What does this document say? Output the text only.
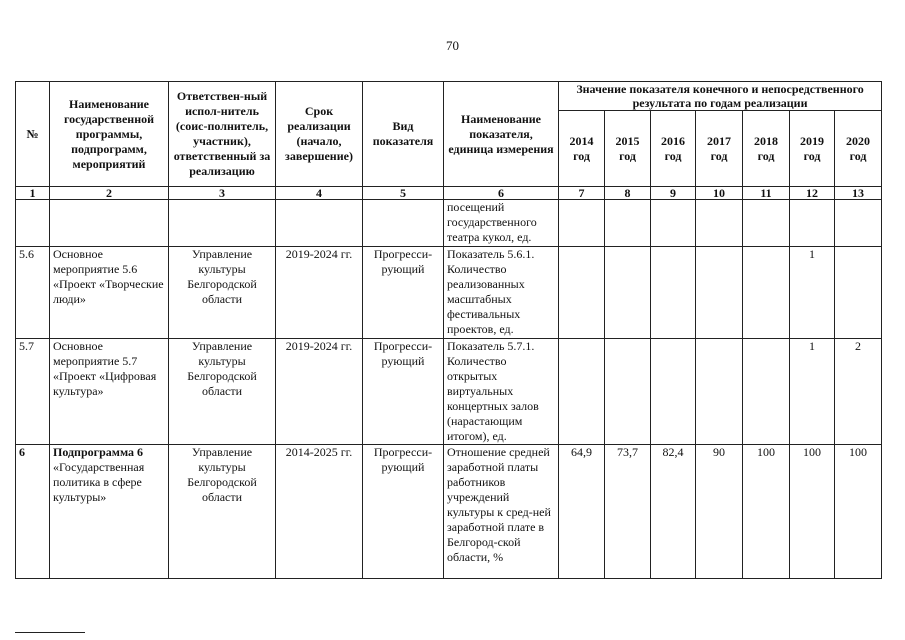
70
№	Наименование государственной программы, подпрограмм, мероприятий	Ответствен-ный испол-нитель (соис-полнитель, участник), ответственный за реализацию	Срок реализации (начало, завершение)	Вид показателя	Наименование показателя, единица измерения	Значение показателя конечного и непосредственного результата по годам реализации						
						2014 год	2015 год	2016 год	2017 год	2018 год	2019 год	2020 год
1	2	3	4	5	6	7	8	9	10	11	12	13
					посещений государственного театра кукол, ед.							
5.6	Основное мероприятие 5.6 «Проект «Творческие люди»	Управление культуры Белгородской области	2019-2024 гг.	Прогресси-рующий	Показатель 5.6.1. Количество реализованных масштабных фестивальных проектов, ед.						1	
5.7	Основное мероприятие 5.7 «Проект «Цифровая культура»	Управление культуры Белгородской области	2019-2024 гг.	Прогресси-рующий	Показатель 5.7.1. Количество открытых виртуальных концертных залов (нарастающим итогом), ед.						1	2
6	Подпрограмма 6
«Государственная политика в сфере культуры»	Управление культуры Белгородской области	2014-2025 гг.	Прогресси-рующий	Отношение средней заработной платы работников учреждений культуры к сред-ней заработной плате в Белгород-ской области, %	64,9	73,7	82,4	90	100	100	100
